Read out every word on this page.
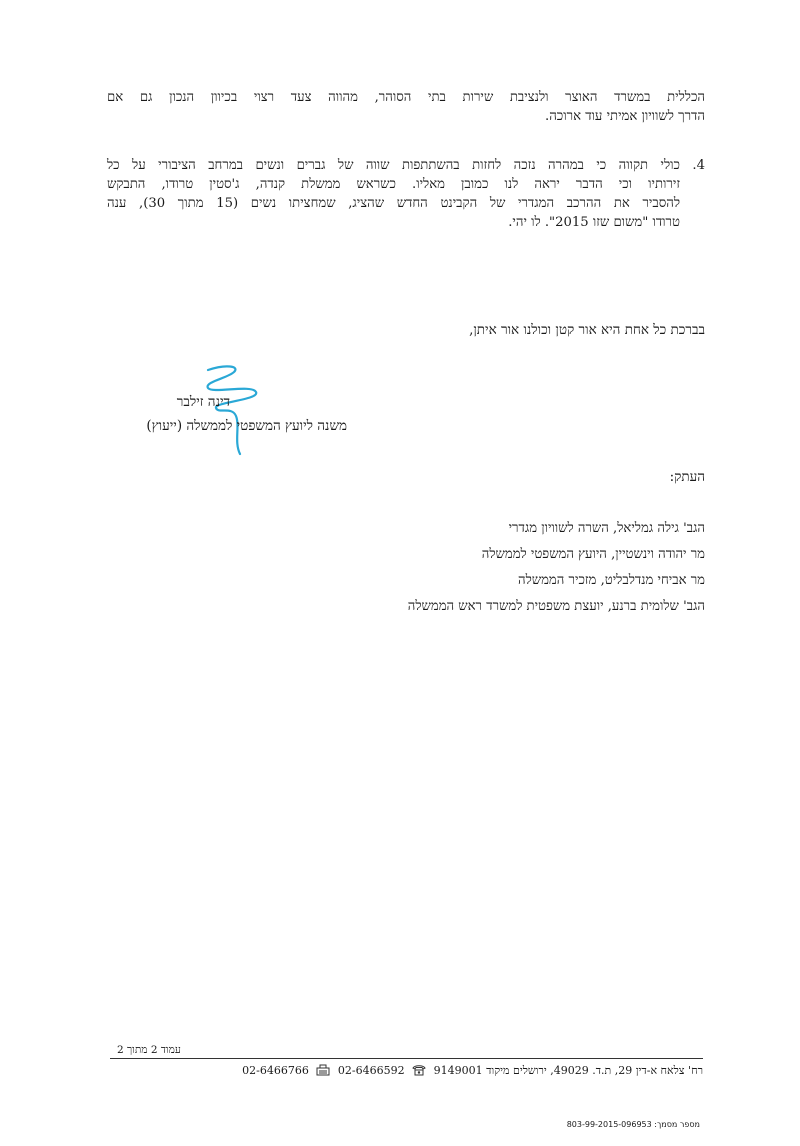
הכללית במשרד האוצר ולנציבת שירות בתי הסוהר, מהווה צעד רצוי בכיוון הנכון גם אם
הדרך לשוויון אמיתי עוד ארוכה.
4.
כולי תקווה כי במהרה נזכה לחזות בהשתתפות שווה של גברים ונשים במרחב הציבורי על כל
זירותיו וכי הדבר יראה לנו כמובן מאליו. כשראש ממשלת קנדה, ג'סטין טרודו, התבקש
להסביר את ההרכב המגדרי של הקבינט החדש שהציג, שמחציתו נשים (15 מתוך 30), ענה
טרודו "משום שזו 2015". לו יהי.
בברכת כל אחת היא אור קטן וכולנו אור איתן,
דינה זילבר
משנה ליועץ המשפטי לממשלה (ייעוץ)
העתק:
הגב' גילה גמליאל, השרה לשוויון מגדרי
מר יהודה וינשטיין, היועץ המשפטי לממשלה
מר אביחי מנדלבליט, מזכיר הממשלה
הגב' שלומית ברנע, יועצת משפטית למשרד ראש הממשלה
עמוד 2 מתוך 2
רח' צלאח א-דין 29, ת.ד. 49029, ירושלים מיקוד 9149001  02-6466592  02-6466766
מספר מסמך: 803-99-2015-096953
